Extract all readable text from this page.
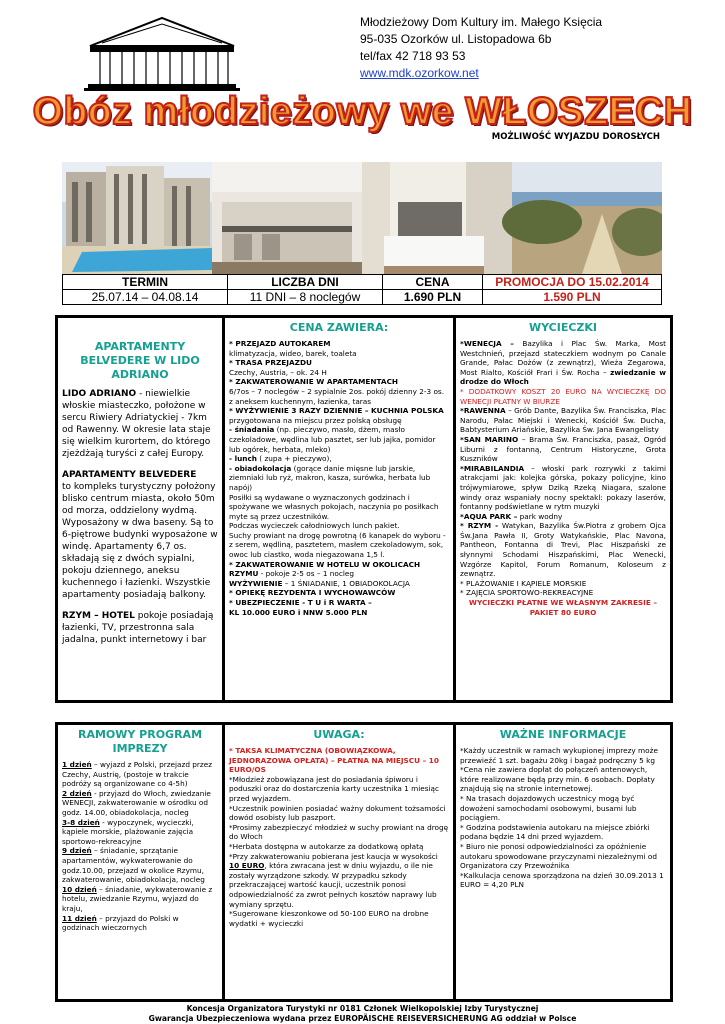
Młodzieżowy Dom Kultury im. Małego Księcia
95-035 Ozorków ul. Listopadowa 6b
tel/fax 42 718 93 53
www.mdk.ozorkow.net
Obóz młodzieżowy we WŁOSZECH
MOŻLIWOŚĆ WYJAZDU DOROSŁYCH
TERMIN	LICZBA DNI	CENA	PROMOCJA DO 15.02.2014
25.07.14 – 04.08.14	11 DNI – 8 noclegów	1.690 PLN	1.590 PLN
APARTAMENTY BELVEDERE W LIDO ADRIANO

LIDO ADRIANO - niewielkie włoskie miasteczko, położone w sercu Riwiery Adriatyckiej - 7km od Rawenny. W okresie lata staje się wielkim kurortem, do którego zjeżdżają turyści z całej Europy.

APARTAMENTY BELVEDERE
to kompleks turystyczny położony blisko centrum miasta, około 50m od morza, oddzielony wydmą. Wyposażony w dwa baseny. Są to 6-piętrowe budynki wyposażone w windę. Apartamenty 6,7 os. składają się z dwóch sypialni, pokoju dziennego, aneksu kuchennego i łazienki. Wszystkie apartamenty posiadają balkony.

RZYM – HOTEL pokoje posiadają łazienki, TV, przestronna sala jadalna, punkt internetowy i bar

CENA ZAWIERA:

* PRZEJAZD AUTOKAREM

klimatyzacja, wideo, barek, toaleta

* TRASA PRZEJAZDU

Czechy, Austria, – ok. 24 H

* ZAKWATEROWANIE W APARTAMENTACH

6/7os – 7 noclegów – 2 sypialnie 2os. pokój dzienny 2-3 os. z aneksem kuchennym, łazienka, taras

* WYŻYWIENIE 3 RAZY DZIENNIE – KUCHNIA POLSKA przygotowana na miejscu przez polską obsługę

- śniadania (np. pieczywo, masło, dżem, masło czekoladowe, wędlina lub pasztet, ser lub jajka, pomidor lub ogórek, herbata, mleko)

- lunch ( zupa + pieczywo),

- obiadokolacja (gorące danie mięsne lub jarskie, ziemniaki lub ryż, makron, kasza, surówka, herbata lub napój)

Posiłki są wydawane o wyznaczonych godzinach i spożywane we własnych pokojach, naczynia po posiłkach myte są przez uczestników.

Podczas wycieczek całodniowych lunch pakiet.

Suchy prowiant na drogę powrotną (6 kanapek do wyboru - z serem, wędliną, pasztetem, masłem czekoladowym, sok, owoc lub ciastko, woda niegazowana 1,5 l.

* ZAKWATEROWANIE W HOTELU W OKOLICACH RZYMU - pokoje 2-5 os – 1 nocleg

WYŻYWIENIE – 1 ŚNIADANIE, 1 OBIADOKOLACJA

* OPIEKĘ REZYDENTA I WYCHOWAWCÓW

* UBEZPIECZENIE - T U i R WARTA –

KL 10.000 EURO i NNW 5.000 PLN

WYCIECZKI

*WENECJA – Bazylika i Plac Św. Marka, Most Westchnień, przejazd stateczkiem wodnym po Canale Grande, Pałac Dożów (z zewnątrz), Wieża Zegarowa, Most Rialto, Kościół Frari i Św. Rocha – zwiedzanie w drodze do Włoch

* DODATKOWY KOSZT 20 EURO NA WYCIECZKĘ DO WENECJI PŁATNY W BIURZE

*RAWENNA – Grób Dante, Bazylika Św. Franciszka, Plac Narodu, Pałac Miejski i Wenecki, Kościół Św. Ducha, Babtysterium Ariańskie, Bazylika Św. Jana Ewangelisty

*SAN MARINO – Brama Św. Franciszka, pasaż, Ogród Liburni z fontanną, Centrum Historyczne, Grota Kuszników

*MIRABILANDIA – włoski park rozrywki z takimi atrakcjami jak: kolejka górska, pokazy policyjne, kino trójwymiarowe, spływ Dziką Rzeką Niagara, szalone windy oraz wspaniały nocny spektakl: pokazy laserów, fontanny podświetlane w rytm muzyki

*AQUA PARK – park wodny

* RZYM - Watykan, Bazylika Św.Piotra z grobem Ojca Św.Jana Pawła II, Groty Watykańskie, Plac Navona, Pantheon, Fontanna di Trevi, Plac Hiszpański ze słynnymi Schodami Hiszpańskimi, Plac Wenecki, Wzgórze Kapitol, Forum Romanum, Koloseum z zewnątrz.

* PLAŻOWANIE I KĄPIELE MORSKIE

* ZAJĘCIA SPORTOWO-REKREACYJNE

WYCIECZKI PŁATNE WE WŁASNYM ZAKRESIE – PAKIET 80 EURO

RAMOWY PROGRAM IMPREZY

1 dzień – wyjazd z Polski, przejazd przez Czechy, Austrię, (postoje w trakcie podróży są organizowane co 4-5h)

2 dzień - przyjazd do Włoch, zwiedzanie WENECJI, zakwaterowanie w ośrodku od godz. 14.00, obiadokolacja, nocleg

3-8 dzień - wypoczynek, wycieczki, kąpiele morskie, plażowanie zajęcia sportowo-rekreacyjne

9 dzień – śniadanie, sprzątanie apartamentów, wykwaterowanie do godz.10.00, przejazd w okolice Rzymu, zakwaterowanie, obiadokolacja, nocleg

10 dzień – śniadanie, wykwaterowanie z hotelu, zwiedzanie Rzymu, wyjazd do kraju,

11 dzień – przyjazd do Polski w godzinach wieczornych

UWAGA:

* TAKSA KLIMATYCZNA (OBOWIĄZKOWA, JEDNORAZOWA OPŁATA) – PŁATNA NA MIEJSCU – 10 EURO/OS

*Młodzież zobowiązana jest do posiadania śpiworu i poduszki oraz do dostarczenia karty uczestnika 1 miesiąc przed wyjazdem.

*Uczestnik powinien posiadać ważny dokument tożsamości dowód osobisty lub paszport.

*Prosimy zabezpieczyć młodzież w suchy prowiant na drogę do Włoch

*Herbata dostępna w autokarze za dodatkową opłatą

*Przy zakwaterowaniu pobierana jest kaucja w wysokości 10 EURO, która zwracana jest w dniu wyjazdu, o ile nie zostały wyrządzone szkody. W przypadku szkody przekraczającej wartość kaucji, uczestnik ponosi odpowiedzialność za zwrot pełnych kosztów naprawy lub wymiany sprzętu.

*Sugerowane kieszonkowe od 50-100 EURO na drobne wydatki + wycieczki

WAŻNE INFORMACJE

*Każdy uczestnik w ramach wykupionej imprezy może przewieźć 1 szt. bagażu 20kg i bagaż podręczny 5 kg

*Cena nie zawiera dopłat do połączeń antenowych, które realizowane będą przy min. 6 osobach. Dopłaty znajdują się na stronie internetowej.

* Na trasach dojazdowych uczestnicy mogą być dowożeni samochodami osobowymi, busami lub pociągiem.

* Godzina podstawienia autokaru na miejsce zbiórki podana będzie 14 dni przed wyjazdem.

* Biuro nie ponosi odpowiedzialności za opóźnienie autokaru spowodowane przyczynami niezależnymi od Organizatora czy Przewoźnika

*Kalkulacja cenowa sporządzona na dzień 30.09.2013 1 EURO = 4,20 PLN

Koncesja Organizatora Turystyki nr 0181 Członek Wielkopolskiej Izby Turystycznej
Gwarancja Ubezpieczeniowa wydana przez EUROPÄISCHE REISEVERSICHERUNG AG oddział w Polsce
